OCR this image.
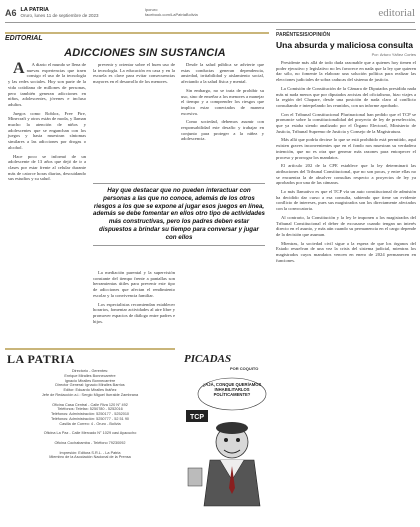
A6 LA PATRIA
Oruro, lunes 11 de septiembre de 2023
lporuro
facebook.com/LaPatriaBolivia	editorial
EDITORIAL
ADICCIONES SIN SUSTANCIA

A A diario el mundo se llena de nuevas experiencias que traen consigo el uso de la tecnología y las redes sociales. Hoy son parte de la vida cotidiana de millones de personas, pero también generan adicciones en niños, adolescentes, jóvenes e incluso adultos.

Juegos como Roblox, Free Fire, Minecraft y otros están de moda, y llaman mucho la atención de niños y adolescentes que se enganchan con los juegos y hasta muestran síntomas similares a las adicciones por drogas o alcohol.

Hace poco se informó de un adolescente de 13 años que dejó de ir a clases por estar frente al celular durante más de catorce horas diarias, descuidando sus estudios y su salud.

prevenir y orientar sobre el buen uso de la tecnología. La educación en casa y en la escuela es clave para evitar consecuencias mayores en el desarrollo de los menores.

Desde la salud pública se advierte que estas conductas generan dependencia, ansiedad, irritabilidad y aislamiento social, afectando a la salud física y mental.

Sin embargo, no se trata de prohibir su uso, sino de enseñar a los menores a manejar el tiempo y a comprender los riesgos que implica estar conectados de manera excesiva.

Como sociedad, debemos asumir con responsabilidad este desafío y trabajar en conjunto para proteger a la niñez y adolescencia.

Hay que destacar que no pueden interactuar con personas a las que no conoce, además de los otros riesgos a los que se expone al jugar esos juegos en línea, además se debe fomentar en ellos otro tipo de actividades más constructivas, pero los padres deben estar dispuestos a brindar su tiempo para conversar y jugar con ellos

La mediación parental y la supervisión constante del tiempo frente a pantallas son herramientas útiles para prevenir este tipo de adicciones que afectan el rendimiento escolar y la convivencia familiar.

Los especialistas recomiendan establecer horarios, fomentar actividades al aire libre y promover espacios de diálogo entre padres e hijos.

LA PATRIA
Directorio - Gerentes:
Enrique Miralles Bonnecarrère
Ignacio Miralles Bonnecarrère
Director General: Ignacio Miralles Barrios
Editor: Eduardo Miralles Ibáñez
Jefe de Redacción a.i.: Sergio Miguel Iturralde Zambrana

Oficina Casa Central - Calle Riva 120 N° 492
Teléfonos: Telefax: 5250780 - 5252016
Teléfonos: Administración: 5250177 - 5252010
Teléfonos: Administración: 5250777 - 52 51 90
Casilla de Correo: 4 - Oruro - Bolivia

Oficina La Paz - Calle Mercado N° 1029 casi Ayacucho

Oficina Cochabamba - Teléfono 79230092

Impresión: Editora S.R.L. - La Patria
Miembro de la Asociación Nacional de la Prensa
PICADAS
POR COQUITO
¿AJÁ, CONQUE QUERÍAMOS INHABILITARLOS POLÍTICAMENTE?
TCP
PARÉNTESIS/OPINIÓN
Una absurda y maliciosa consulta
Por: Arturo Yáñez Cortes

Presidente más allá de todo duda razonable que a quienes hoy tienen el poder ejecutivo y legislativo no les favorece en nada que la ley que quieren dar sólo, no fomente la elaborar una solución política para realizar las elecciones judiciales de sobra caducas del sistema de justicia.

La Comisión de Constitución de la Cámara de Diputados presidida nada más ni nada menos que por diputados arcistas del oficialismo, hizo viajes a la región del Chapare, desde una posición de nada claro al conflicto consultando e interpelando los reunidos, con un informe aprobado.

Con el Tribunal Constitucional Plurinacional han pedido que el TCP se pronuncie sobre la constitucionalidad del proyecto de ley de preselección, que ya estaba siendo analizado por el Órgano Electoral, Ministerio de Justicia, Tribunal Supremo de Justicia y Consejo de la Magistratura.

Más allá que podría decirse lo que se está prohibido está permitido, aquí existen graves inconvenientes que en el fondo nos muestran su verdadera intención, que no es otra que generar más razones para entorpecer el proceso y prorrogar los mandatos.

El artículo 202 de la CPE establece que la ley determinará las atribuciones del Tribunal Constitucional, que no son pocas, y entre ellas no se encuentra la de absolver consultas respecto a proyectos de ley ya aprobados por una de las cámaras.

Lo más llamativo es que el TCP vía un auto constitucional de admisión ha decidido dar curso a esa consulta, sabiendo que tiene un evidente conflicto de intereses, pues sus magistrados son los directamente afectados con la convocatoria.

Al contrario, la Constitución y la ley le imponen a los magistrados del Tribunal Constitucional el deber de excusarse cuando tengan un interés directo en el asunto, y más aún cuando su permanencia en el cargo depende de la decisión que asuman.

Mientras, la sociedad civil sigue a la espera de que los órganos del Estado resuelvan de una vez la crisis del sistema judicial, mientras los magistrados cuyos mandatos vencen en enero de 2024 permanecen en funciones.
